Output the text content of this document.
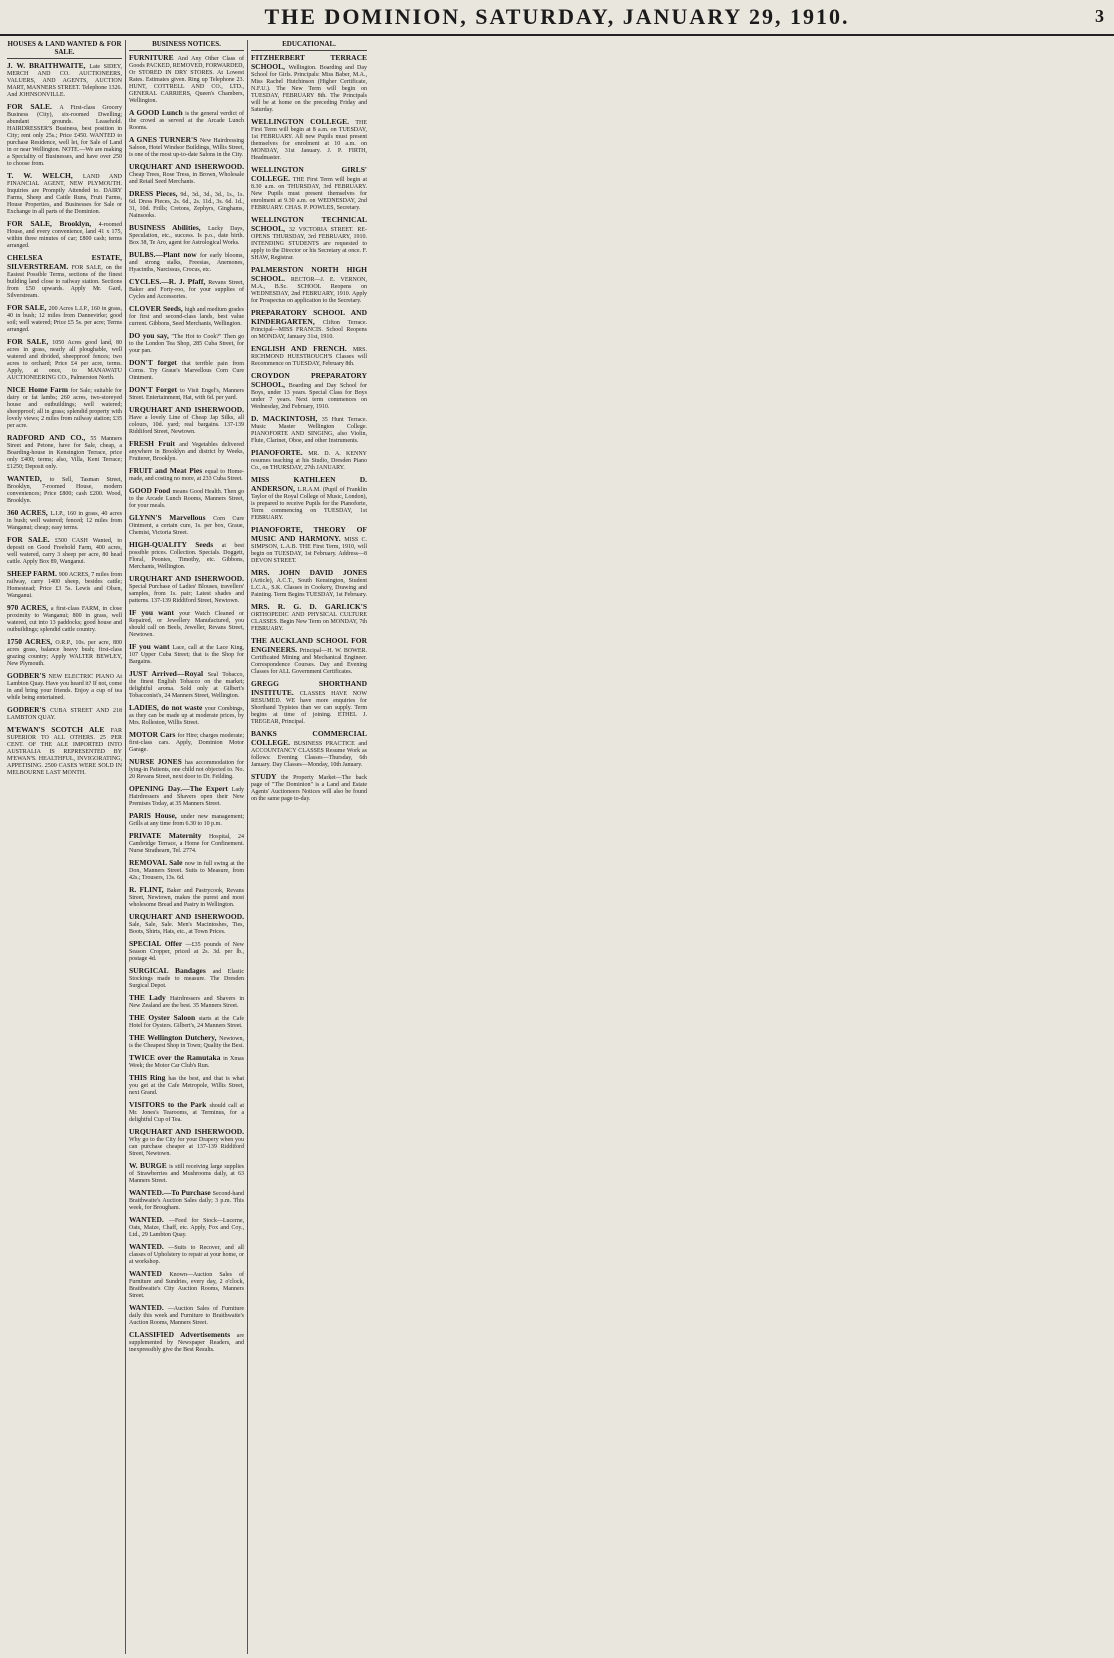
THE DOMINION, SATURDAY, JANUARY 29, 1910.	3
HOUSES & LAND WANTED & FOR SALE.
J. W. BRAITHWAITE, Late SIDEY, MERCH AND CO. AUCTIONEERS, VALUERS, AND AGENTS, AUCTION MART, MANNERS STREET. Telephone 1326. And JOHNSONVILLE.
FOR SALE. A First-class Grocery Business (City), six-roomed Dwelling; abundant grounds. Leasehold. HAIRDRESSER'S Business, best position in City; rent only 25s.; Price £450. WANTED to purchase Residence, well let, for Sale of Land in or near Wellington. NOTE.—We are making a Speciality of Businesses, and have over 250 to choose from.
T. W. WELCH, LAND AND FINANCIAL AGENT, NEW PLYMOUTH. Inquiries are Promptly Attended to. DAIRY Farms, Sheep and Cattle Runs, Fruit Farms, House Properties, and Businesses for Sale or Exchange in all parts of the Dominion.
FOR SALE, Brooklyn, 4-roomed House, and every convenience, land 41 x 175, within three minutes of car; £800 cash; terms arranged.
CHELSEA ESTATE, SILVERSTREAM. FOR SALE, on the Easiest Possible Terms, sections of the finest building land close to railway station. Sections from £50 upwards. Apply Mr. Gard, Silverstream.
FOR SALE, 200 Acres L.I.P., 160 in grass, 40 in bush; 12 miles from Dannevirke; good soil; well watered; Price £5 5s. per acre; Terms arranged.
FOR SALE, 1050 Acres good land, 80 acres in grass, nearly all ploughable, well watered and divided, sheepproof fences; two acres to orchard; Price £4 per acre, terms. Apply, at once, to MANAWATU AUCTIONEERING CO., Palmerston North.
NICE Home Farm for Sale; suitable for dairy or fat lambs; 260 acres, two-storeyed house and outbuildings; well watered; sheepproof; all in grass; splendid property with lovely views; 2 miles from railway station; £35 per acre.
RADFORD AND CO., 55 Manners Street and Petone, have for Sale, cheap, a Boarding-house in Kensington Terrace, price only £400; terms; also, Villa, Kent Terrace; £1250; Deposit only.
WANTED, to Sell, Tasman Street, Brooklyn, 7-roomed House, modern conveniences; Price £800; cash £200. Wood, Brooklyn.
360 ACRES, L.I.P., 160 in grass, 40 acres in bush; well watered; fenced; 12 miles from Wanganui; cheap; easy terms.
FOR SALE. £500 CASH Wanted, to deposit on Good Freehold Farm, 400 acres, well watered, carry 3 sheep per acre, 80 head cattle. Apply Box 89, Wanganui.
SHEEP FARM. 900 ACRES, 7 miles from railway, carry 1400 sheep, besides cattle; Homestead; Price £3 5s. Lewis and Olsen, Wanganui.
970 ACRES, a first-class FARM, in close proximity to Wanganui; 800 in grass, well watered, cut into 13 paddocks; good house and outbuildings; splendid cattle country.
1750 ACRES, O.R.P., 10s. per acre, 800 acres grass, balance heavy bush; first-class grazing country; Apply WALTER BEWLEY, New Plymouth.
GODBER'S NEW ELECTRIC PIANO At Lambton Quay. Have you heard it? If not, come in and bring your friends. Enjoy a cup of tea while being entertained.
GODBER'S CUBA STREET AND 218 LAMBTON QUAY.
M'EWAN'S SCOTCH ALE FAR SUPERIOR TO ALL OTHERS. 25 PER CENT. OF THE ALE IMPORTED INTO AUSTRALIA IS REPRESENTED BY M'EWAN'S. HEALTHFUL, INVIGORATING, APPETISING. 2500 CASES WERE SOLD IN MELBOURNE LAST MONTH.
BUSINESS NOTICES.
FURNITURE And Any Other Class of Goods PACKED, REMOVED, FORWARDED, Or STORED IN DRY STORES. At Lowest Rates. Estimates given. Ring up Telephone 23. HUNT, COTTRELL AND CO., LTD., GENERAL CARRIERS, Queen's Chambers, Wellington.
A GOOD Lunch is the general verdict of the crowd as served at the Arcade Lunch Rooms.
A GNES TURNER'S New Hairdressing Saloon, Hotel Windsor Buildings, Willis Street, is one of the most up-to-date Salons in the City.
URQUHART AND ISHERWOOD. Cheap Trees, Rose Tress, in Brown, Wholesale and Retail Seed Merchants.
DRESS Pieces, 9d., 3d., 3d., 3d., 1s., 1s. 6d. Dress Pieces, 2s. 6d., 2s. 11d., 3s. 6d. 1d., 31, 10d. Frills; Cretons, Zephyrs, Ginghams, Nainsooks.
BUSINESS Abilities, Lucky Days, Speculation, etc., success. Is p.o., date birth. Box 38, Te Aro, agent for Astrological Works.
BULBS.—Plant now for early blooms, and strong stalks, Freesias, Anemones, Hyacinths, Narcissus, Crocus, etc.
CYCLES.—R. J. Pfaff, Revans Street, Baker and Forty-roo, for your supplies of Cycles and Accessories.
CLOVER Seeds, high and medium grades for first and second-class lands, best value current. Gibbons, Seed Merchants, Wellington.
DO you say, "The Hot to Cook?" Then go to the London Tea Shop, 285 Cuba Street, for your pan.
DON'T forget that terrible pain from Corns. Try Graue's Marvellous Corn Cure Ointment.
DON'T Forget to Visit Engel's, Manners Street. Entertainment, Hat, with 6d. per yard.
URQUHART AND ISHERWOOD. Have a lovely Line of Cheap Jap Silks, all colours, 10d. yard; real bargains. 137-139 Riddiford Street, Newtown.
FRESH Fruit and Vegetables delivered anywhere in Brooklyn and district by Weeks, Fruiterer, Brooklyn.
FRUIT and Meat Pies equal to Home-made, and costing no more, at 233 Cuba Street.
GOOD Food means Good Health. Then go to the Arcade Lunch Rooms, Manners Street, for your meals.
GLYNN'S Marvellous Corn Cure Ointment, a certain cure, 1s. per box, Graue, Chemist, Victoria Street.
HIGH-QUALITY Seeds at best possible prices. Collection. Specials. Doggett, Floral, Peonies, Timothy, etc. Gibbons, Merchants, Wellington.
URQUHART AND ISHERWOOD. Special Purchase of Ladies' Blouses, travellers' samples, from 1s. pair; Latest shades and patterns. 137-139 Riddiford Street, Newtown.
IF you want your Watch Cleaned or Repaired, or Jewellery Manufactured, you should call on Beels, Jeweller, Revans Street, Newtown.
IF you want Lace, call at the Lace King, 107 Upper Cuba Street; that is the Shop for Bargains.
JUST Arrived—Royal Seal Tobacco, the finest English Tobacco on the market; delightful aroma. Sold only at Gilbert's Tobacconist's, 24 Manners Street, Wellington.
LADIES, do not waste your Combings, as they can be made up at moderate prices, by Mrs. Rolleston, Willis Street.
MOTOR Cars for Hire; charges moderate; first-class cars. Apply, Dominion Motor Garage.
NURSE JONES has accommodation for lying-in Patients, one child not objected to. No. 20 Revans Street, next door to Dr. Feilding.
OPENING Day.—The Expert Lady Hairdressers and Shavers open their New Premises Today, at 35 Manners Street.
PARIS House, under new management; Grills at any time from 6.30 to 10 p.m.
PRIVATE Maternity Hospital, 24 Cambridge Terrace, a Home for Confinement. Nurse Strathearn, Tel. 2774.
REMOVAL Sale now in full swing at the Don, Manners Street. Suits to Measure, from 42s.; Trousers, 13s. 6d.
R. FLINT, Baker and Pastrycook, Revans Street, Newtown, makes the purest and most wholesome Bread and Pastry in Wellington.
URQUHART AND ISHERWOOD. Sale, Sale, Sale. Men's Macintoshes, Ties, Boots, Shirts, Hats, etc., at Town Prices.
SPECIAL Offer —£35 pounds of New Season Cropper, priced at 2s. 3d. per lb., postage 4d.
SURGICAL Bandages and Elastic Stockings made to measure. The Dresden Surgical Depot.
THE Lady Hairdressers and Shavers in New Zealand are the best. 35 Manners Street.
THE Oyster Saloon starts at the Cafe Hotel for Oysters. Gilbert's, 24 Manners Street.
THE Wellington Dutchery, Newtown, is the Cheapest Shop in Town; Quality the Best.
TWICE over the Ramutaka in Xmas Week; the Motor Car Club's Run.
THIS Ring has the best, and that is what you get at the Cafe Metropole, Willis Street, next Grand.
VISITORS to the Park should call at Mr. Jones's Tearooms, at Terminus, for a delightful Cup of Tea.
URQUHART AND ISHERWOOD. Why go to the City for your Drapery when you can purchase cheaper at 137-139 Riddiford Street, Newtown.
W. BURGE is still receiving large supplies of Strawberries and Mushrooms daily, at 63 Manners Street.
WANTED.—To Purchase Second-hand Braithwaite's Auction Sales daily; 3 p.m. This week, for Brougham.
WANTED. —Feed for Stock—Lucerne, Oats, Maize, Chaff, etc. Apply, Fox and Coy., Ltd., 29 Lambton Quay.
WANTED. —Suits to Recover, and all classes of Upholstery to repair at your home, or at workshop.
WANTED Known—Auction Sales of Furniture and Sundries, every day, 2 o'clock, Braithwaite's City Auction Rooms, Manners Street.
WANTED. —Auction Sales of Furniture daily this week and Furniture to Braithwaite's Auction Rooms, Manners Street.
CLASSIFIED Advertisements are supplemented by Newspaper Readers, and inexpressibly give the Best Results.
EDUCATIONAL.
FITZHERBERT TERRACE SCHOOL, Wellington. Boarding and Day School for Girls. Principals: Miss Baber, M.A., Miss Rachel Hutchinson (Higher Certificate, N.F.U.). The New Term will begin on TUESDAY, FEBRUARY 8th. The Principals will be at home on the preceding Friday and Saturday.
WELLINGTON COLLEGE. THE First Term will begin at 8 a.m. on TUESDAY, 1st FEBRUARY. All new Pupils must present themselves for enrolment at 10 a.m. on MONDAY, 31st January. J. P. FIRTH, Headmaster.
WELLINGTON GIRLS' COLLEGE. THE First Term will begin at 8.30 a.m. on THURSDAY, 3rd FEBRUARY. New Pupils must present themselves for enrolment at 9.30 a.m. on WEDNESDAY, 2nd FEBRUARY. CHAS. P. POWLES, Secretary.
WELLINGTON TECHNICAL SCHOOL, 32 VICTORIA STREET. RE-OPENS THURSDAY, 3rd FEBRUARY, 1910. INTENDING STUDENTS are requested to apply to the Director or his Secretary at once. F. SHAW, Registrar.
PALMERSTON NORTH HIGH SCHOOL. RECTOR—J. E. VERNON, M.A., B.Sc. SCHOOL Reopens on WEDNESDAY, 2nd FEBRUARY, 1910. Apply for Prospectus on application to the Secretary.
PREPARATORY SCHOOL AND KINDERGARTEN, Clifton Terrace. Principal—MISS FRANCIS. School Reopens on MONDAY, January 31st, 1910.
ENGLISH AND FRENCH. MRS. RICHMOND HUESTROUCH'S Classes will Recommence on TUESDAY, February 8th.
CROYDON PREPARATORY SCHOOL, Boarding and Day School for Boys, under 13 years. Special Class for Boys under 7 years. Next term commences on Wednesday, 2nd February, 1910.
D. MACKINTOSH, 35 Hunt Terrace. Music Master Wellington College. PIANOFORTE AND SINGING, also Violin, Flute, Clarinet, Oboe, and other Instruments.
PIANOFORTE. MR. D. A. KENNY resumes teaching at his Studio, Dresden Piano Co., on THURSDAY, 27th JANUARY.
MISS KATHLEEN D. ANDERSON, L.R.A.M. (Pupil of Franklin Taylor of the Royal College of Music, London), is prepared to receive Pupils for the Pianoforte, Term commencing on TUESDAY, 1st FEBRUARY.
PIANOFORTE, THEORY OF MUSIC AND HARMONY. MISS C. SIMPSON, L.A.B. THE First Term, 1910, will begin on TUESDAY, 1st February. Address—8 DEVON STREET.
MRS. JOHN DAVID JONES (Article), A.C.T., South Kensington, Student L.C.A., S.K. Classes in Cookery, Drawing and Painting. Term Begins TUESDAY, 1st February.
MRS. R. G. D. GARLICK'S ORTHOPEDIC AND PHYSICAL CULTURE CLASSES. Begin New Term on MONDAY, 7th FEBRUARY.
THE AUCKLAND SCHOOL FOR ENGINEERS. Principal—H. W. BOWER. Certificated Mining and Mechanical Engineer. Correspondence Courses. Day and Evening Classes for ALL Government Certificates.
GREGG SHORTHAND INSTITUTE. CLASSES HAVE NOW RESUMED. WE have more enquiries for Shorthand Typistes than we can supply. Term begins at time of joining. ETHEL J. TREGEAR, Principal.
BANKS COMMERCIAL COLLEGE. BUSINESS PRACTICE and ACCOUNTANCY CLASSES Resume Work as follows: Evening Classes—Thursday, 6th January. Day Classes—Monday, 10th January.
STUDY the Property Market—The back page of "The Dominion" is a Land and Estate Agents' Auctioneers Notices will also be found on the same page to-day.
